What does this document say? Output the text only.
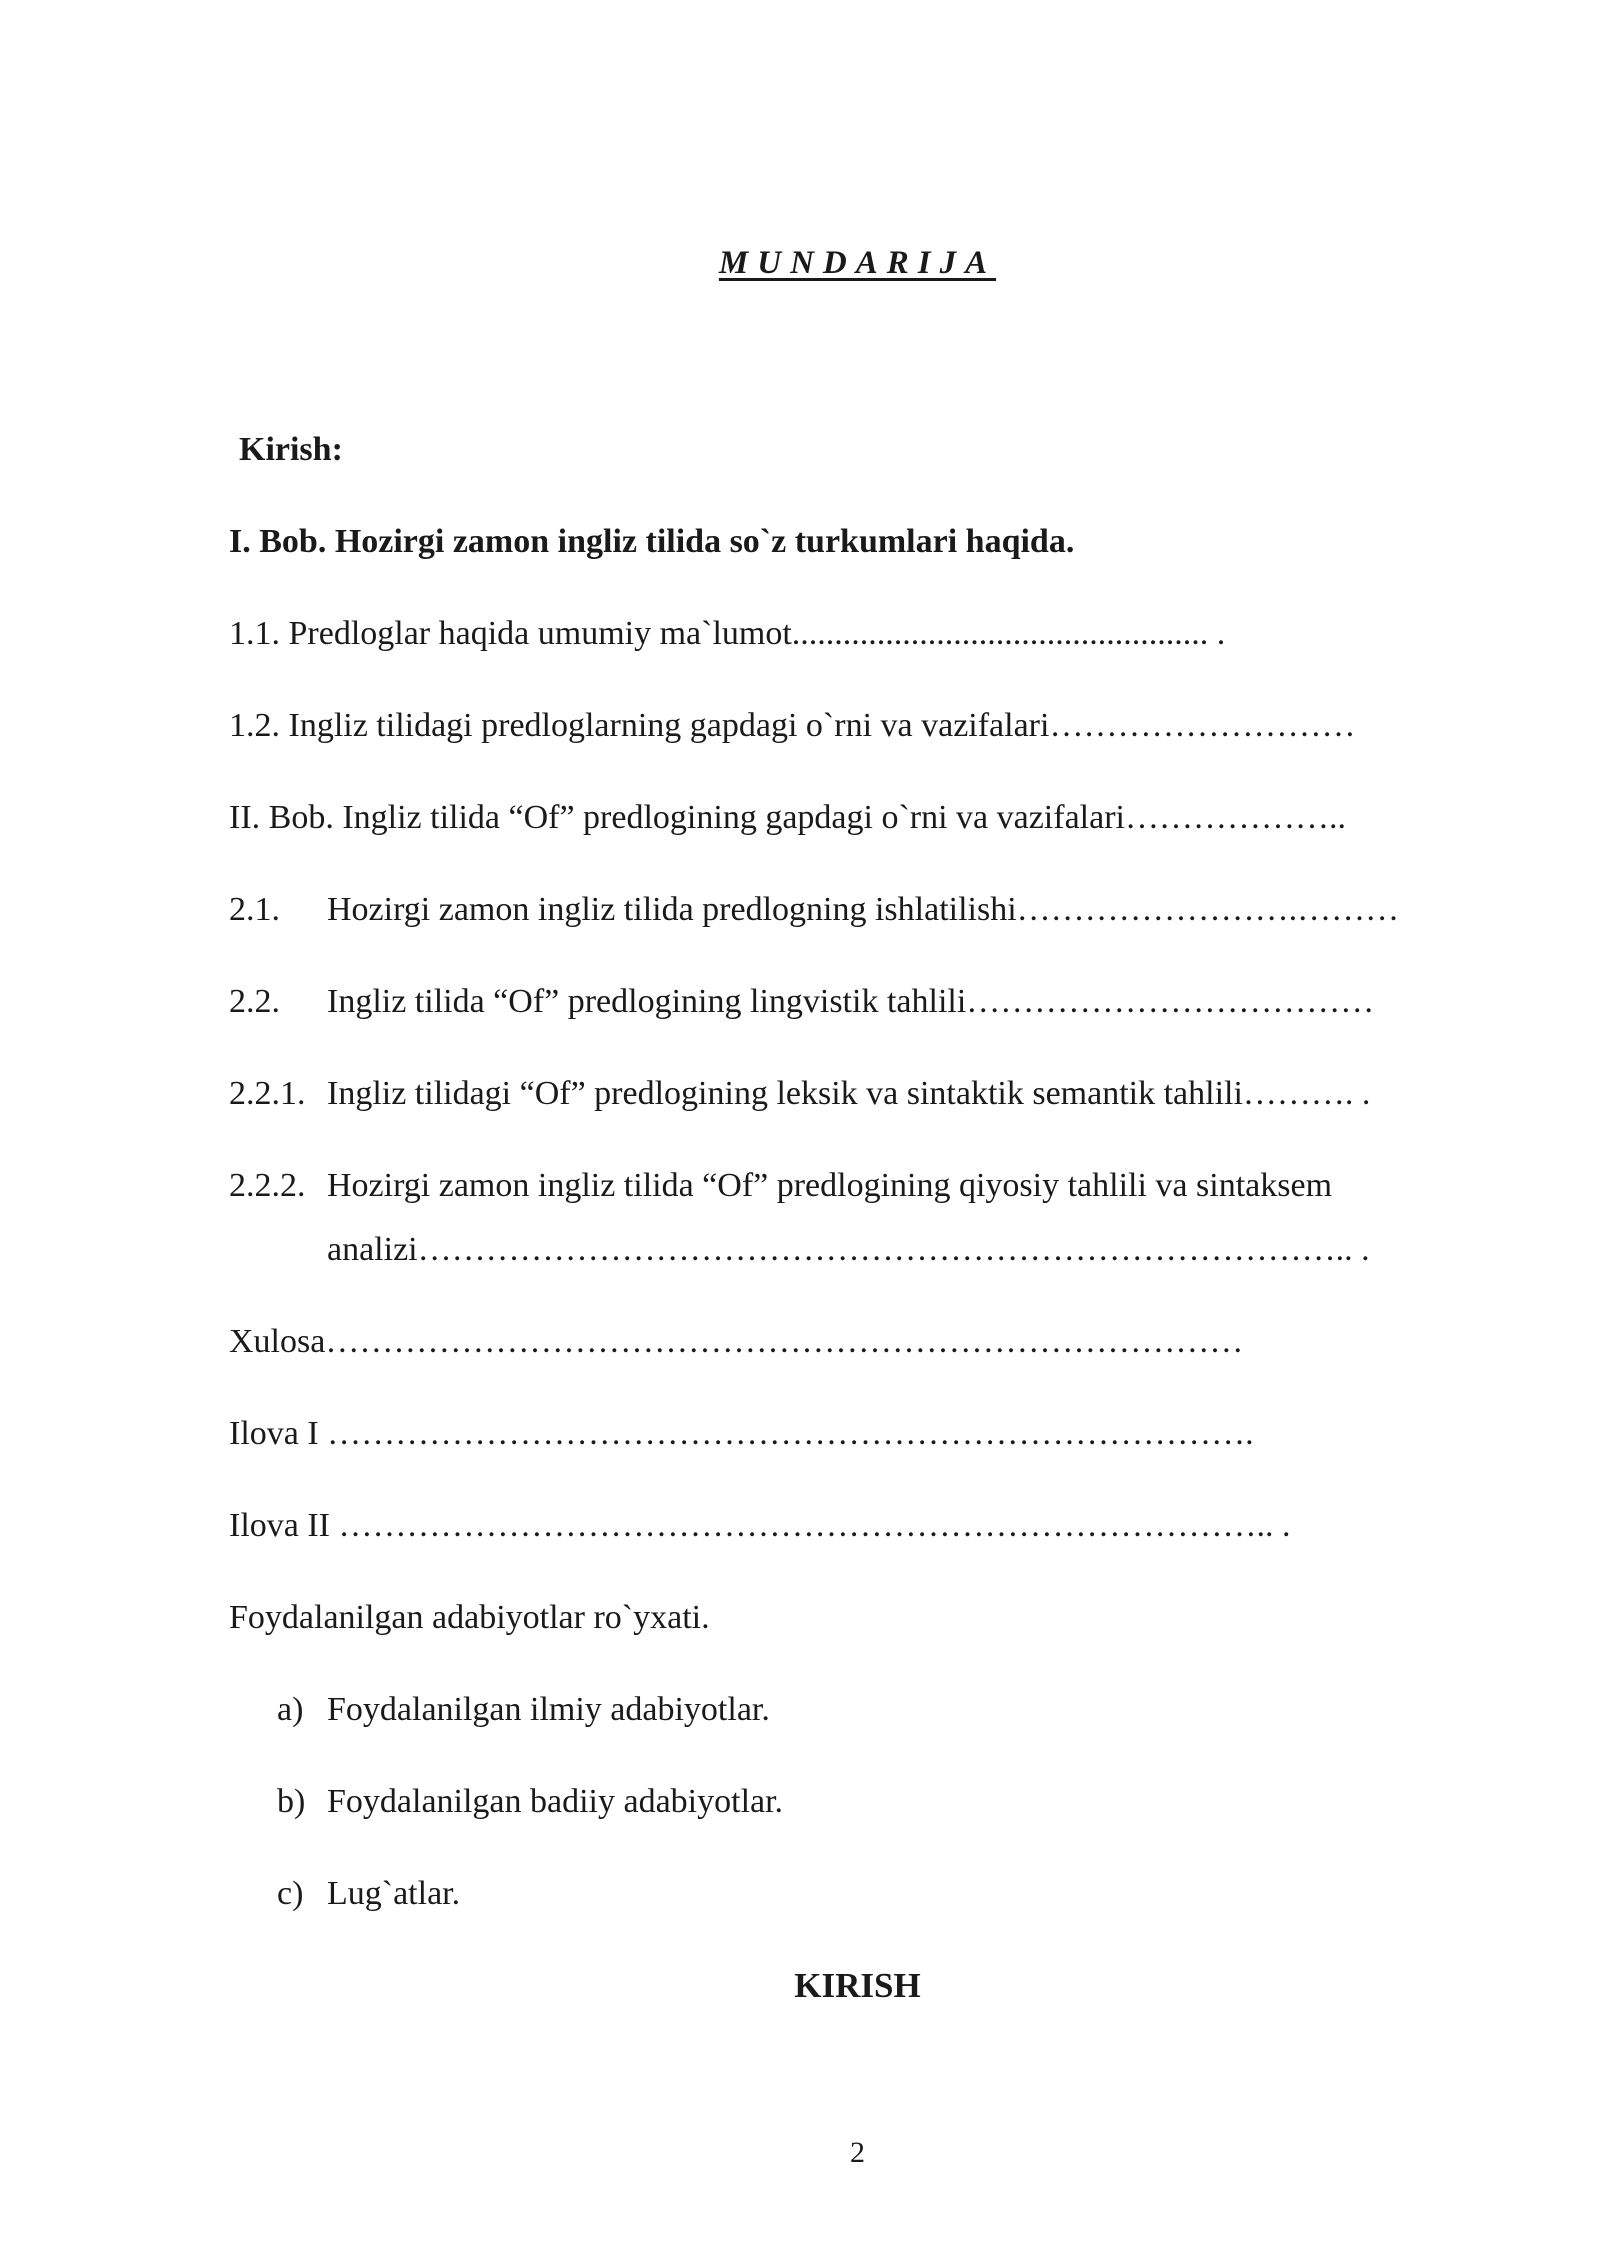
MUNDARIJA
Kirish:
I. Bob. Hozirgi zamon ingliz tilida so`z turkumlari haqida.
1.1. Predloglar haqida umumiy ma`lumot................................................. .
1.2. Ingliz tilidagi predloglarning gapdagi o`rni va vazifalari………………………
II. Bob. Ingliz tilida “Of” predlogining gapdagi o`rni va vazifalari………………..
2.1. Hozirgi zamon ingliz tilida predlogning ishlatilishi…………………….………
2.2. Ingliz tilida “Of” predlogining lingvistik tahlili………………………………
2.2.1. Ingliz tilidagi “Of” predlogining leksik va sintaktik semantik tahlili………. .
2.2.2. Hozirgi zamon ingliz tilida “Of” predlogining qiyosiy tahlili va sintaksem
analizi……………………………………………………………………….. .
Xulosa………………………………………………………………………
Ilova I ……………………………………………………………………….
Ilova II ……………………………………………………………………….. .
Foydalanilgan adabiyotlar ro`yxati.
a) Foydalanilgan ilmiy adabiyotlar.
b) Foydalanilgan badiiy adabiyotlar.
c) Lug`atlar.
KIRISH
2
